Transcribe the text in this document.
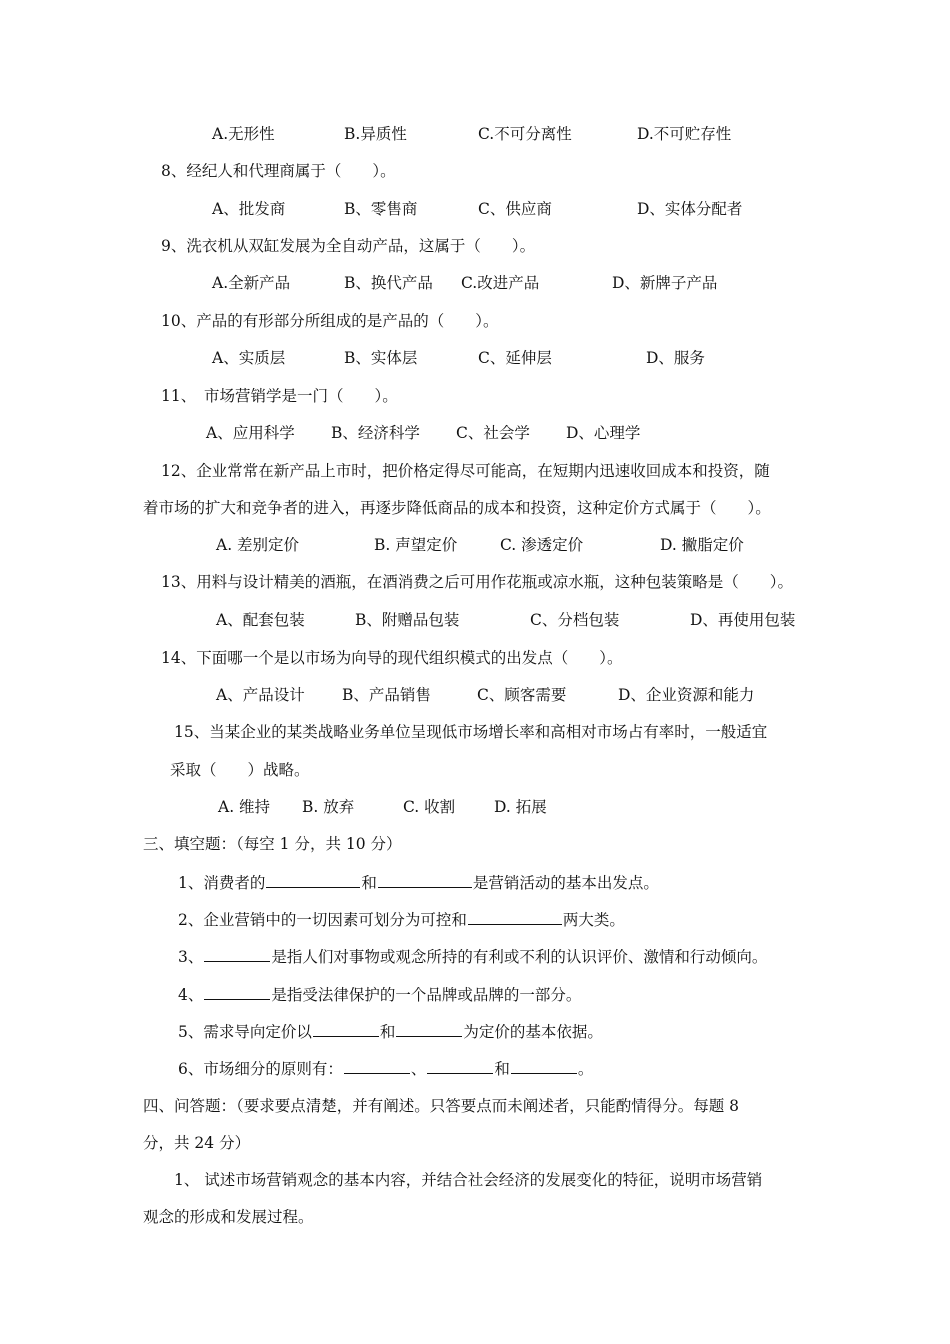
A.无形性	B.异质性	C.不可分离性	D.不可贮存性
8、经纪人和代理商属于（　　）。
A、批发商	B、零售商	C、供应商	D、实体分配者
9、洗衣机从双缸发展为全自动产品，这属于（　　）。
A.全新产品	B、换代产品 C.改进产品	D、新牌子产品
10、产品的有形部分所组成的是产品的（　　）。
A、实质层	B、实体层	C、延伸层	D、服务
11、　市场营销学是一门（　　）。
A、应用科学 B、经济科学 C、社会学 D、心理学
12、企业常常在新产品上市时，把价格定得尽可能高，在短期内迅速收回成本和投资，随
着市场的扩大和竞争者的进入，再逐步降低商品的成本和投资，这种定价方式属于（　　）。
A. 差别定价	B. 声望定价	C. 渗透定价	D. 撇脂定价
13、用料与设计精美的酒瓶，在酒消费之后可用作花瓶或凉水瓶，这种包装策略是（　　）。
A、配套包装	B、附赠品包装	C、分档包装	D、再使用包装
14、下面哪一个是以市场为向导的现代组织模式的出发点（　　）。
A、产品设计 B、产品销售	C、顾客需要	D、企业资源和能力
15、当某企业的某类战略业务单位呈现低市场增长率和高相对市场占有率时，一般适宜
采取（　　）战略。
A. 维持 B. 放弃	C. 收割	D. 拓展
三、填空题：（每空 1 分，共 10 分）
1、消费者的	和	是营销活动的基本出发点。
2、企业营销中的一切因素可划分为可控和	两大类。
3、	是指人们对事物或观念所持的有利或不利的认识评价、激情和行动倾向。
4、	是指受法律保护的一个品牌或品牌的一部分。
5、需求导向定价以	和	为定价的基本依据。
6、市场细分的原则有：	、	和	。
四、问答题：（要求要点清楚，并有阐述。只答要点而未阐述者，只能酌情得分。每题 8
分，共 24 分）
1、 试述市场营销观念的基本内容，并结合社会经济的发展变化的特征，说明市场营销
观念的形成和发展过程。
